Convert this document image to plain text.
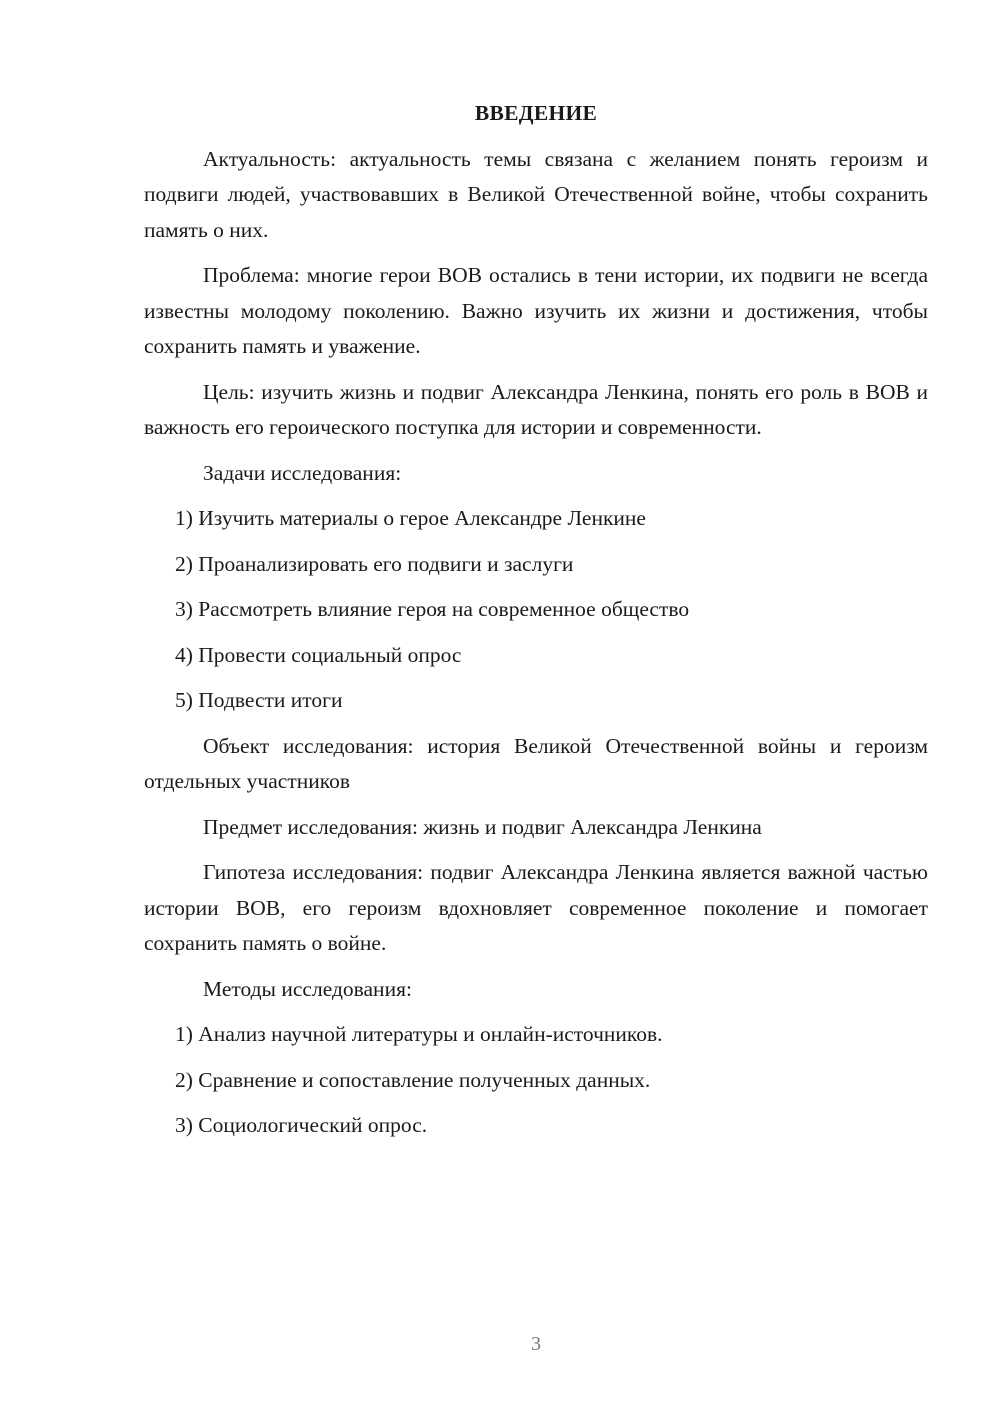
ВВЕДЕНИЕ
Актуальность: актуальность темы связана с желанием понять героизм и подвиги людей, участвовавших в Великой Отечественной войне, чтобы сохранить память о них.
Проблема: многие герои ВОВ остались в тени истории, их подвиги не всегда известны молодому поколению. Важно изучить их жизни и достижения, чтобы сохранить память и уважение.
Цель: изучить жизнь и подвиг Александра Ленкина, понять его роль в ВОВ и важность его героического поступка для истории и современности.
Задачи исследования:
1) Изучить материалы о герое Александре Ленкине
2) Проанализировать его подвиги и заслуги
3) Рассмотреть влияние героя на современное общество
4) Провести социальный опрос
5) Подвести итоги
Объект исследования: история Великой Отечественной войны и героизм отдельных участников
Предмет исследования: жизнь и подвиг Александра Ленкина
Гипотеза исследования: подвиг Александра Ленкина является важной частью истории ВОВ, его героизм вдохновляет современное поколение и помогает сохранить память о войне.
Методы исследования:
1) Анализ научной литературы и онлайн-источников.
2) Сравнение и сопоставление полученных данных.
3) Социологический опрос.
3
